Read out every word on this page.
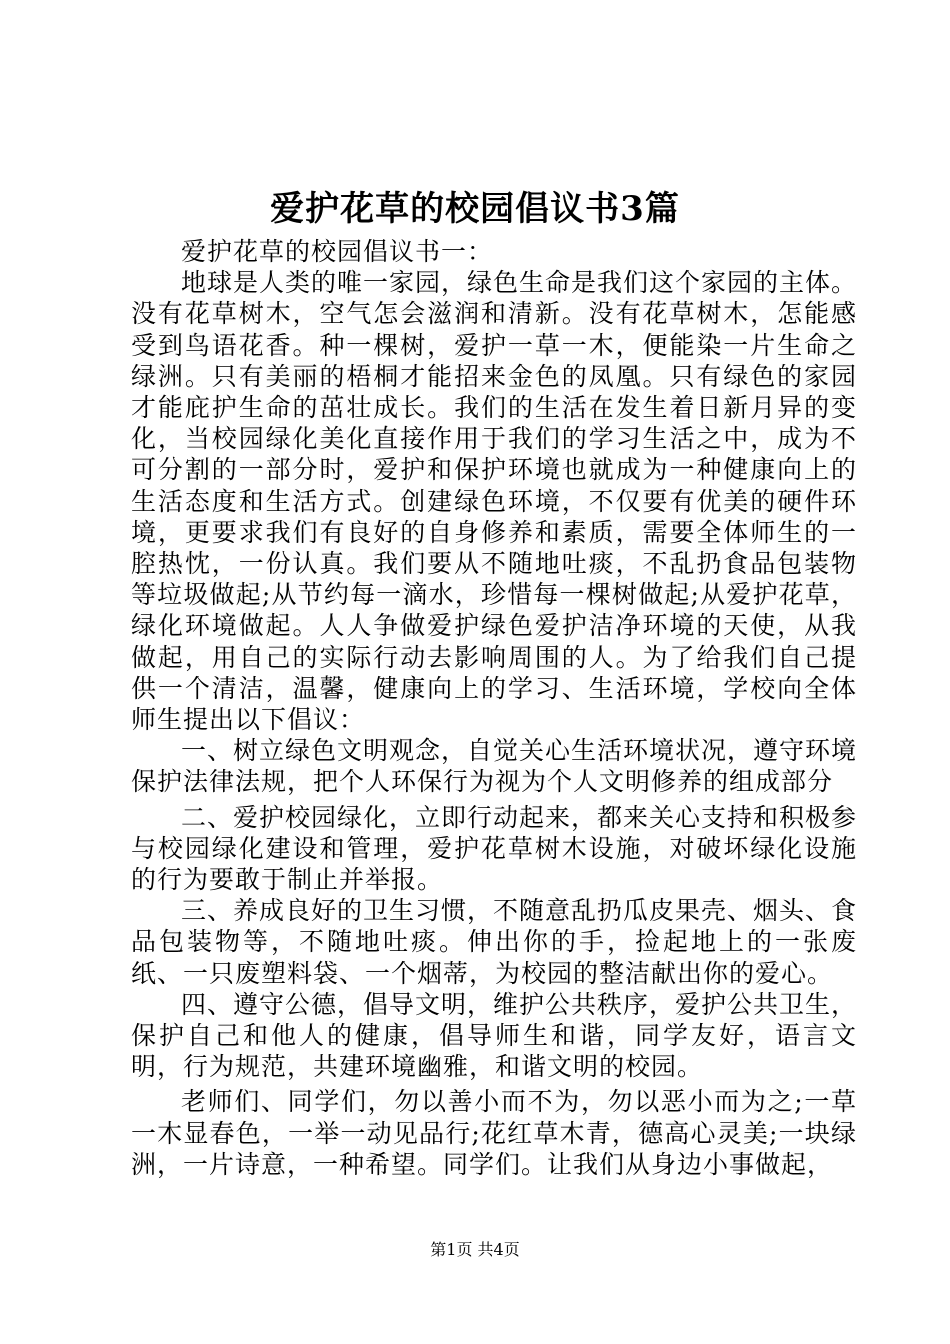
爱护花草的校园倡议书3篇

爱护花草的校园倡议书一：

地球是人类的唯一家园，绿色生命是我们这个家园的主体。没有花草树木，空气怎会滋润和清新。没有花草树木，怎能感受到鸟语花香。种一棵树，爱护一草一木，便能染一片生命之绿洲。只有美丽的梧桐才能招来金色的凤凰。只有绿色的家园才能庇护生命的茁壮成长。我们的生活在发生着日新月异的变化，当校园绿化美化直接作用于我们的学习生活之中，成为不可分割的一部分时，爱护和保护环境也就成为一种健康向上的生活态度和生活方式。创建绿色环境，不仅要有优美的硬件环境，更要求我们有良好的自身修养和素质，需要全体师生的一腔热忱，一份认真。我们要从不随地吐痰，不乱扔食品包装物等垃圾做起;从节约每一滴水，珍惜每一棵树做起;从爱护花草，绿化环境做起。人人争做爱护绿色爱护洁净环境的天使，从我做起，用自己的实际行动去影响周围的人。为了给我们自己提供一个清洁，温馨，健康向上的学习、生活环境，学校向全体师生提出以下倡议：

一、树立绿色文明观念，自觉关心生活环境状况，遵守环境保护法律法规，把个人环保行为视为个人文明修养的组成部分

二、爱护校园绿化，立即行动起来，都来关心支持和积极参与校园绿化建设和管理，爱护花草树木设施，对破坏绿化设施的行为要敢于制止并举报。

三、养成良好的卫生习惯，不随意乱扔瓜皮果壳、烟头、食品包装物等，不随地吐痰。伸出你的手，捡起地上的一张废纸、一只废塑料袋、一个烟蒂，为校园的整洁献出你的爱心。

四、遵守公德，倡导文明，维护公共秩序，爱护公共卫生，保护自己和他人的健康，倡导师生和谐，同学友好，语言文明，行为规范，共建环境幽雅，和谐文明的校园。

老师们、同学们，勿以善小而不为，勿以恶小而为之;一草一木显春色，一举一动见品行;花红草木青，德高心灵美;一块绿洲，一片诗意，一种希望。同学们。让我们从身边小事做起，

第1页 共4页
